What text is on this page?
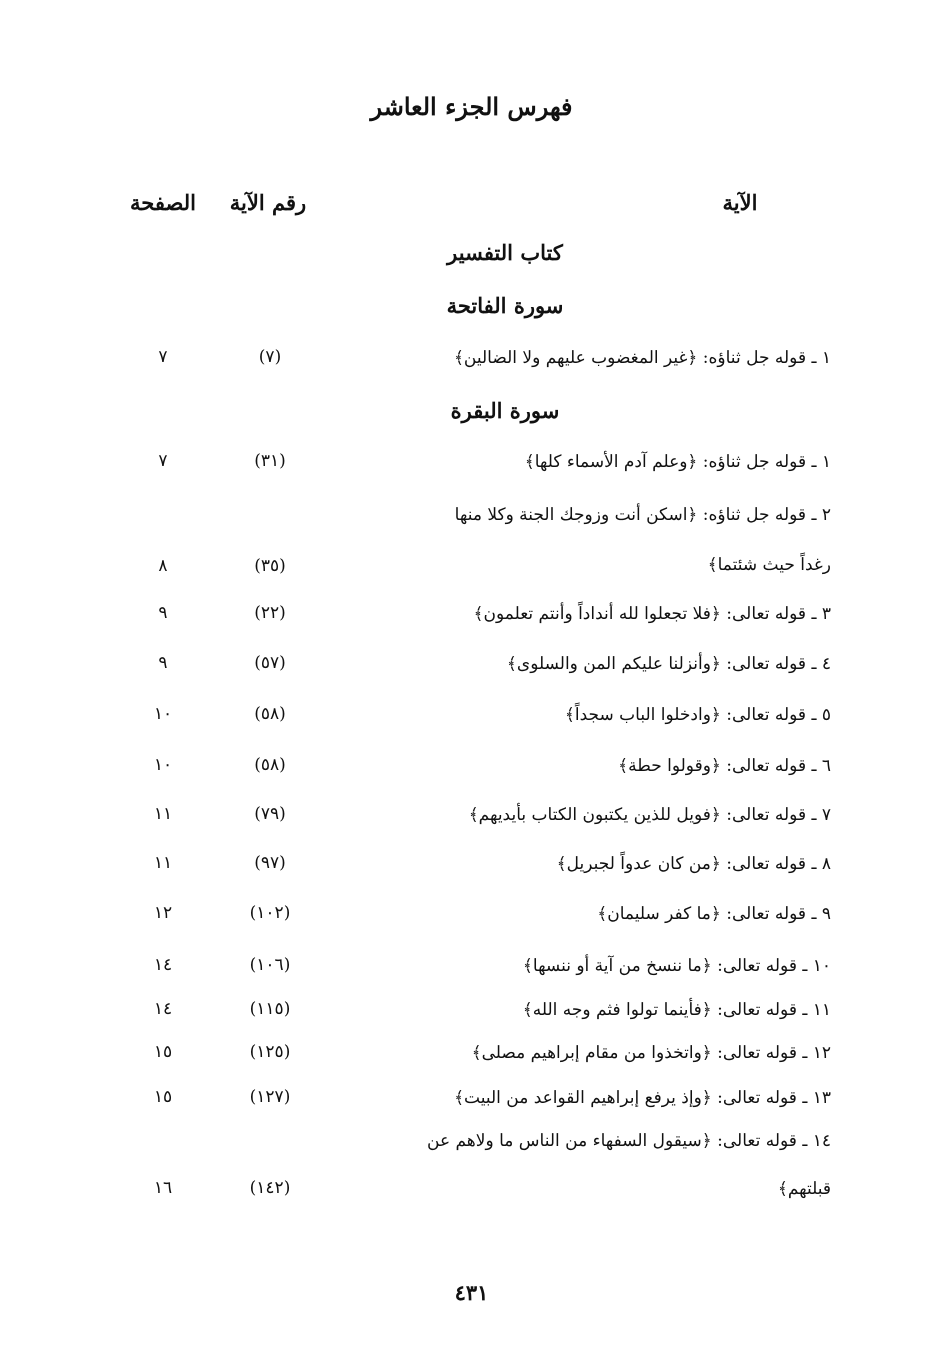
فهرس الجزء العاشر
الآية
رقم الآية
الصفحة
كتاب التفسير
سورة الفاتحة
١ ـ قوله جل ثناؤه: ﴿غير المغضوب عليهم ولا الضالين﴾
(٧)
٧
سورة البقرة
١ ـ قوله جل ثناؤه: ﴿وعلم آدم الأسماء كلها﴾
(٣١)
٧
٢ ـ قوله جل ثناؤه: ﴿اسكن أنت وزوجك الجنة وكلا منها
رغداً حيث شئتما﴾
(٣٥)
٨
٣ ـ قوله تعالى: ﴿فلا تجعلوا لله أنداداً وأنتم تعلمون﴾
(٢٢)
٩
٤ ـ قوله تعالى: ﴿وأنزلنا عليكم المن والسلوى﴾
(٥٧)
٩
٥ ـ قوله تعالى: ﴿وادخلوا الباب سجداً﴾
(٥٨)
١٠
٦ ـ قوله تعالى: ﴿وقولوا حطة﴾
(٥٨)
١٠
٧ ـ قوله تعالى: ﴿فويل للذين يكتبون الكتاب بأيديهم﴾
(٧٩)
١١
٨ ـ قوله تعالى: ﴿من كان عدواً لجبريل﴾
(٩٧)
١١
٩ ـ قوله تعالى: ﴿ما كفر سليمان﴾
(١٠٢)
١٢
١٠ ـ قوله تعالى: ﴿ما ننسخ من آية أو ننسها﴾
(١٠٦)
١٤
١١ ـ قوله تعالى: ﴿فأينما تولوا فثم وجه الله﴾
(١١٥)
١٤
١٢ ـ قوله تعالى: ﴿واتخذوا من مقام إبراهيم مصلى﴾
(١٢٥)
١٥
١٣ ـ قوله تعالى: ﴿وإذ يرفع إبراهيم القواعد من البيت﴾
(١٢٧)
١٥
١٤ ـ قوله تعالى: ﴿سيقول السفهاء من الناس ما ولاهم عن
قبلتهم﴾
(١٤٢)
١٦
٤٣١
